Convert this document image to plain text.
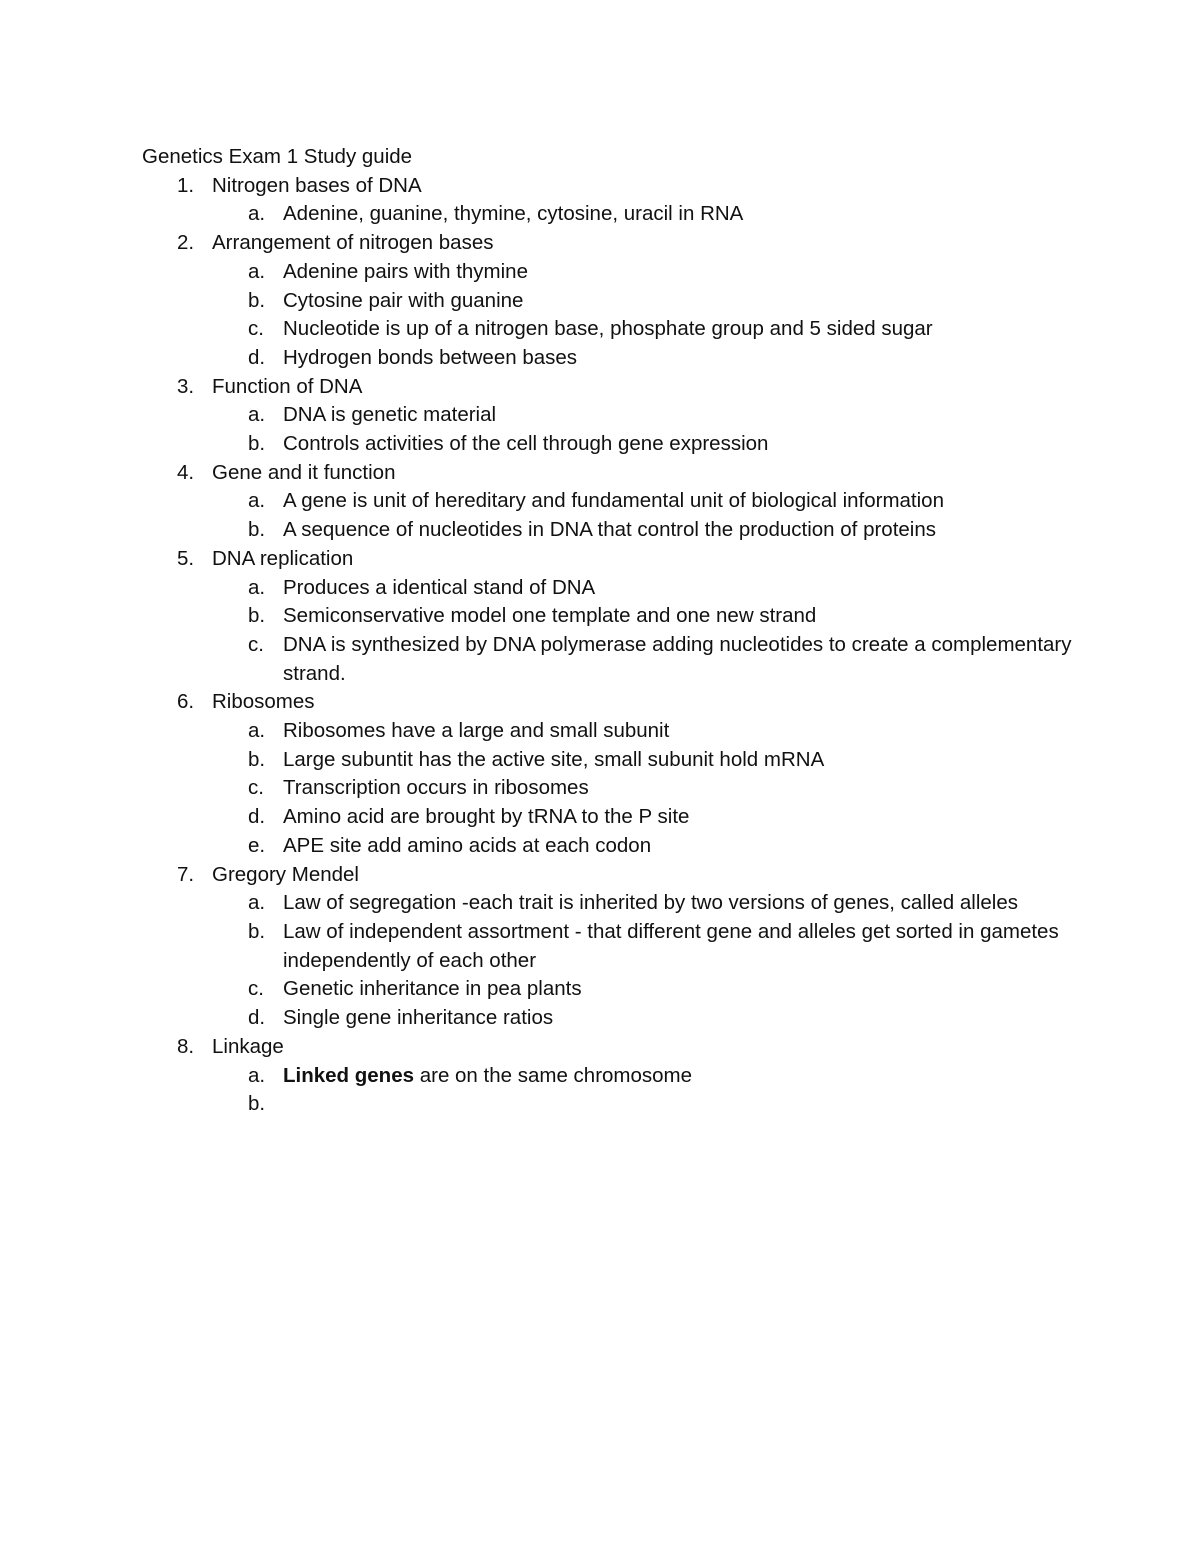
Genetics Exam 1 Study guide
1. Nitrogen bases of DNA
a. Adenine, guanine, thymine, cytosine, uracil in RNA
2. Arrangement of nitrogen bases
a. Adenine pairs with thymine
b. Cytosine pair with guanine
c. Nucleotide is up of a nitrogen base, phosphate group and 5 sided sugar
d. Hydrogen bonds between bases
3. Function of DNA
a. DNA is genetic material
b. Controls activities of the cell through gene expression
4. Gene and it function
a. A gene is unit of hereditary and fundamental unit of biological information
b. A sequence of nucleotides in DNA that control the production of proteins
5. DNA replication
a. Produces a identical stand of DNA
b. Semiconservative model one template and one new strand
c. DNA is synthesized by DNA polymerase adding nucleotides to create a complementary strand.
6. Ribosomes
a. Ribosomes have a large and small subunit
b. Large subuntit has the active site, small subunit hold mRNA
c. Transcription occurs in ribosomes
d. Amino acid are brought by tRNA to the P site
e. APE site add amino acids at each codon
7. Gregory Mendel
a. Law of segregation -each trait is inherited by two versions of genes, called alleles
b. Law of independent assortment - that different gene and alleles get sorted in gametes independently of each other
c. Genetic inheritance in pea plants
d. Single gene inheritance ratios
8. Linkage
a. Linked genes are on the same chromosome
b.
